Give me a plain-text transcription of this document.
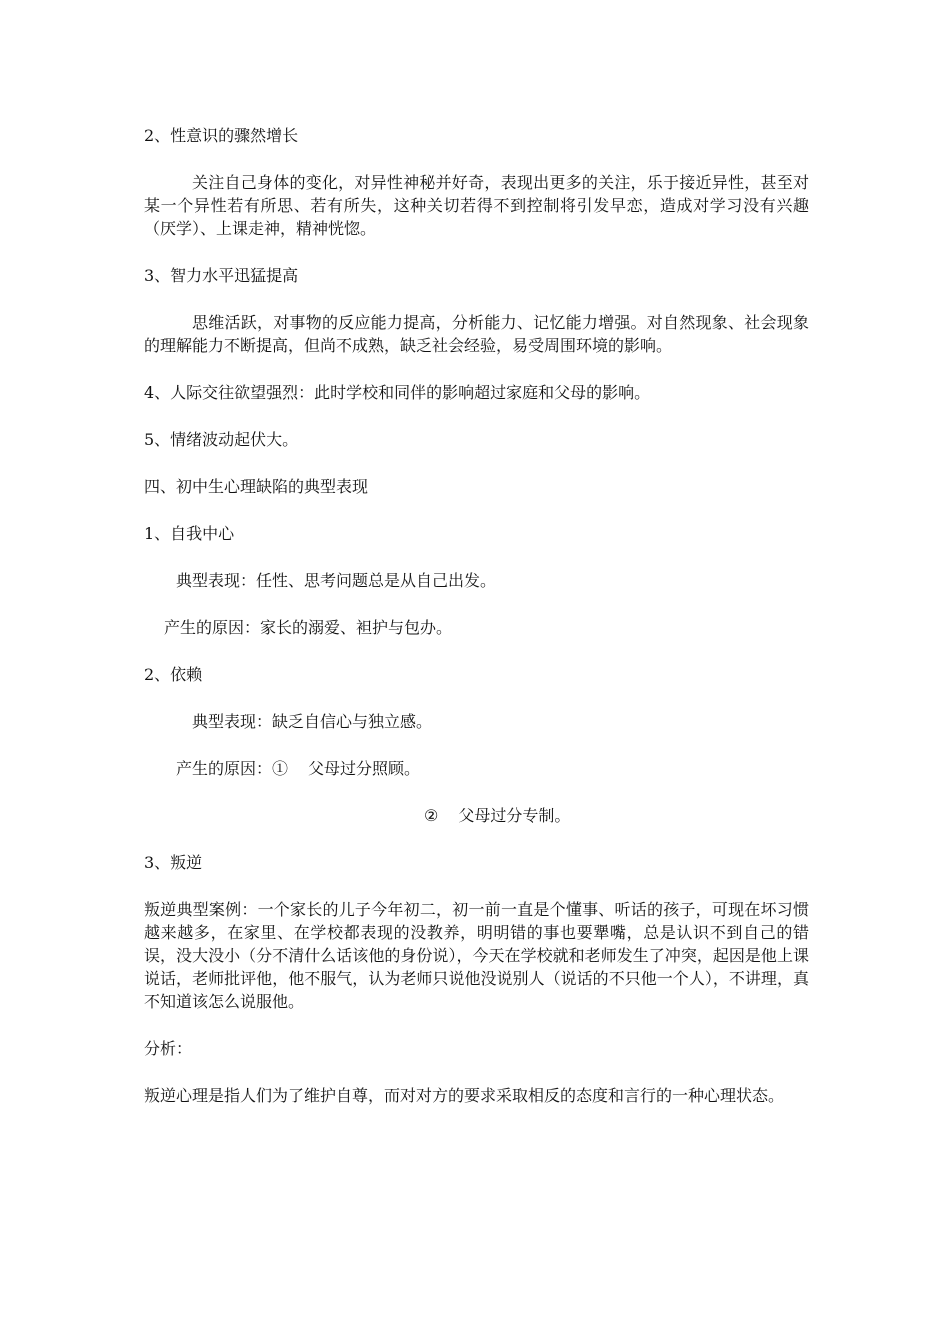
2、性意识的骤然增长

关注自己身体的变化，对异性神秘并好奇，表现出更多的关注，乐于接近异性，甚至对某一个异性若有所思、若有所失，这种关切若得不到控制将引发早恋，造成对学习没有兴趣（厌学）、上课走神，精神恍惚。

3、智力水平迅猛提高

思维活跃，对事物的反应能力提高，分析能力、记忆能力增强。对自然现象、社会现象的理解能力不断提高，但尚不成熟，缺乏社会经验，易受周围环境的影响。

4、人际交往欲望强烈：此时学校和同伴的影响超过家庭和父母的影响。

5、情绪波动起伏大。

四、初中生心理缺陷的典型表现

1、自我中心

典型表现：任性、思考问题总是从自己出发。

产生的原因：家长的溺爱、袒护与包办。

2、依赖

典型表现：缺乏自信心与独立感。

产生的原因：① 父母过分照顾。

② 父母过分专制。

3、叛逆

叛逆典型案例：一个家长的儿子今年初二，初一前一直是个懂事、听话的孩子，可现在坏习惯越来越多，在家里、在学校都表现的没教养，明明错的事也要犟嘴，总是认识不到自己的错误，没大没小（分不清什么话该他的身份说），今天在学校就和老师发生了冲突，起因是他上课说话，老师批评他，他不服气，认为老师只说他没说别人（说话的不只他一个人），不讲理，真不知道该怎么说服他。

分析：

叛逆心理是指人们为了维护自尊，而对对方的要求采取相反的态度和言行的一种心理状态。
